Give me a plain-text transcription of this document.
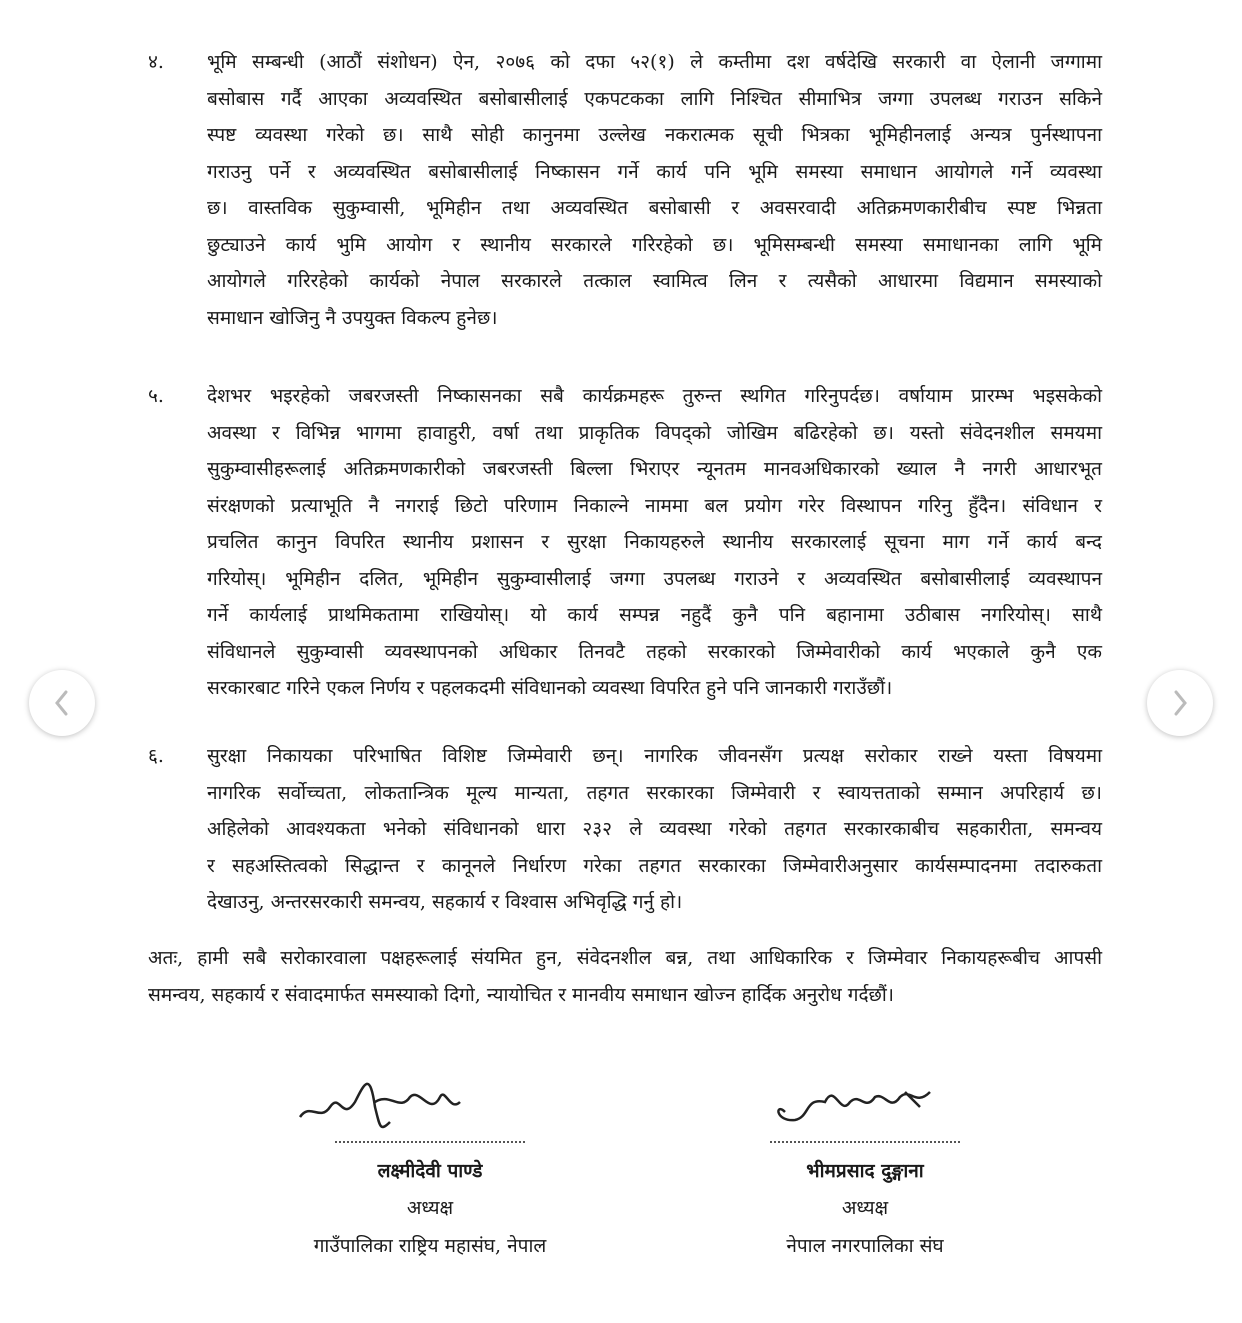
४. भूमि सम्बन्धी (आठौं संशोधन) ऐन, २०७६ को दफा ५२(१) ले कम्तीमा दश वर्षदेखि सरकारी वा ऐलानी जग्गामा
बसोबास गर्दै आएका अव्यवस्थित बसोबासीलाई एकपटकका लागि निश्चित सीमाभित्र जग्गा उपलब्ध गराउन सकिने
स्पष्ट व्यवस्था गरेको छ। साथै सोही कानुनमा उल्लेख नकरात्मक सूची भित्रका भूमिहीनलाई अन्यत्र पुर्नस्थापना
गराउनु पर्ने र अव्यवस्थित बसोबासीलाई निष्कासन गर्ने कार्य पनि भूमि समस्या समाधान आयोगले गर्ने व्यवस्था
छ। वास्तविक सुकुम्वासी, भूमिहीन तथा अव्यवस्थित बसोबासी र अवसरवादी अतिक्रमणकारीबीच स्पष्ट भिन्नता
छुट्याउने कार्य भुमि आयोग र स्थानीय सरकारले गरिरहेको छ। भूमिसम्बन्धी समस्या समाधानका लागि भूमि
आयोगले गरिरहेको कार्यको नेपाल सरकारले तत्काल स्वामित्व लिन र त्यसैको आधारमा विद्यमान समस्याको
समाधान खोजिनु नै उपयुक्त विकल्प हुनेछ।
५. देशभर भइरहेको जबरजस्ती निष्कासनका सबै कार्यक्रमहरू तुरुन्त स्थगित गरिनुपर्दछ। वर्षायाम प्रारम्भ भइसकेको
अवस्था र विभिन्न भागमा हावाहुरी, वर्षा तथा प्राकृतिक विपद्को जोखिम बढिरहेको छ। यस्तो संवेदनशील समयमा
सुकुम्वासीहरूलाई अतिक्रमणकारीको जबरजस्ती बिल्ला भिराएर न्यूनतम मानवअधिकारको ख्याल नै नगरी आधारभूत
संरक्षणको प्रत्याभूति नै नगराई छिटो परिणाम निकाल्ने नाममा बल प्रयोग गरेर विस्थापन गरिनु हुँदैन। संविधान र
प्रचलित कानुन विपरित स्थानीय प्रशासन र सुरक्षा निकायहरुले स्थानीय सरकारलाई सूचना माग गर्ने कार्य बन्द
गरियोस्। भूमिहीन दलित, भूमिहीन सुकुम्वासीलाई जग्गा उपलब्ध गराउने र अव्यवस्थित बसोबासीलाई व्यवस्थापन
गर्ने कार्यलाई प्राथमिकतामा राखियोस्। यो कार्य सम्पन्न नहुदैं कुनै पनि बहानामा उठीबास नगरियोस्। साथै
संविधानले सुकुम्वासी व्यवस्थापनको अधिकार तिनवटै तहको सरकारको जिम्मेवारीको कार्य भएकाले कुनै एक
सरकारबाट गरिने एकल निर्णय र पहलकदमी संविधानको व्यवस्था विपरित हुने पनि जानकारी गराउँछौं।
६. सुरक्षा निकायका परिभाषित विशिष्ट जिम्मेवारी छन्। नागरिक जीवनसँग प्रत्यक्ष सरोकार राख्ने यस्ता विषयमा
नागरिक सर्वोच्चता, लोकतान्त्रिक मूल्य मान्यता, तहगत सरकारका जिम्मेवारी र स्वायत्तताको सम्मान अपरिहार्य छ।
अहिलेको आवश्यकता भनेको संविधानको धारा २३२ ले व्यवस्था गरेको तहगत सरकारकाबीच सहकारीता, समन्वय
र सहअस्तित्वको सिद्धान्त र कानूनले निर्धारण गरेका तहगत सरकारका जिम्मेवारीअनुसार कार्यसम्पादनमा तदारुकता
देखाउनु, अन्तरसरकारी समन्वय, सहकार्य र विश्वास अभिवृद्धि गर्नु हो।
अतः, हामी सबै सरोकारवाला पक्षहरूलाई संयमित हुन, संवेदनशील बन्न, तथा आधिकारिक र जिम्मेवार निकायहरूबीच आपसी
समन्वय, सहकार्य र संवादमार्फत समस्याको दिगो, न्यायोचित र मानवीय समाधान खोज्न हार्दिक अनुरोध गर्दछौं।
लक्ष्मीदेवी पाण्डे
अध्यक्ष
गाउँपालिका राष्ट्रिय महासंघ, नेपाल
भीमप्रसाद दुङ्गाना
अध्यक्ष
नेपाल नगरपालिका संघ
